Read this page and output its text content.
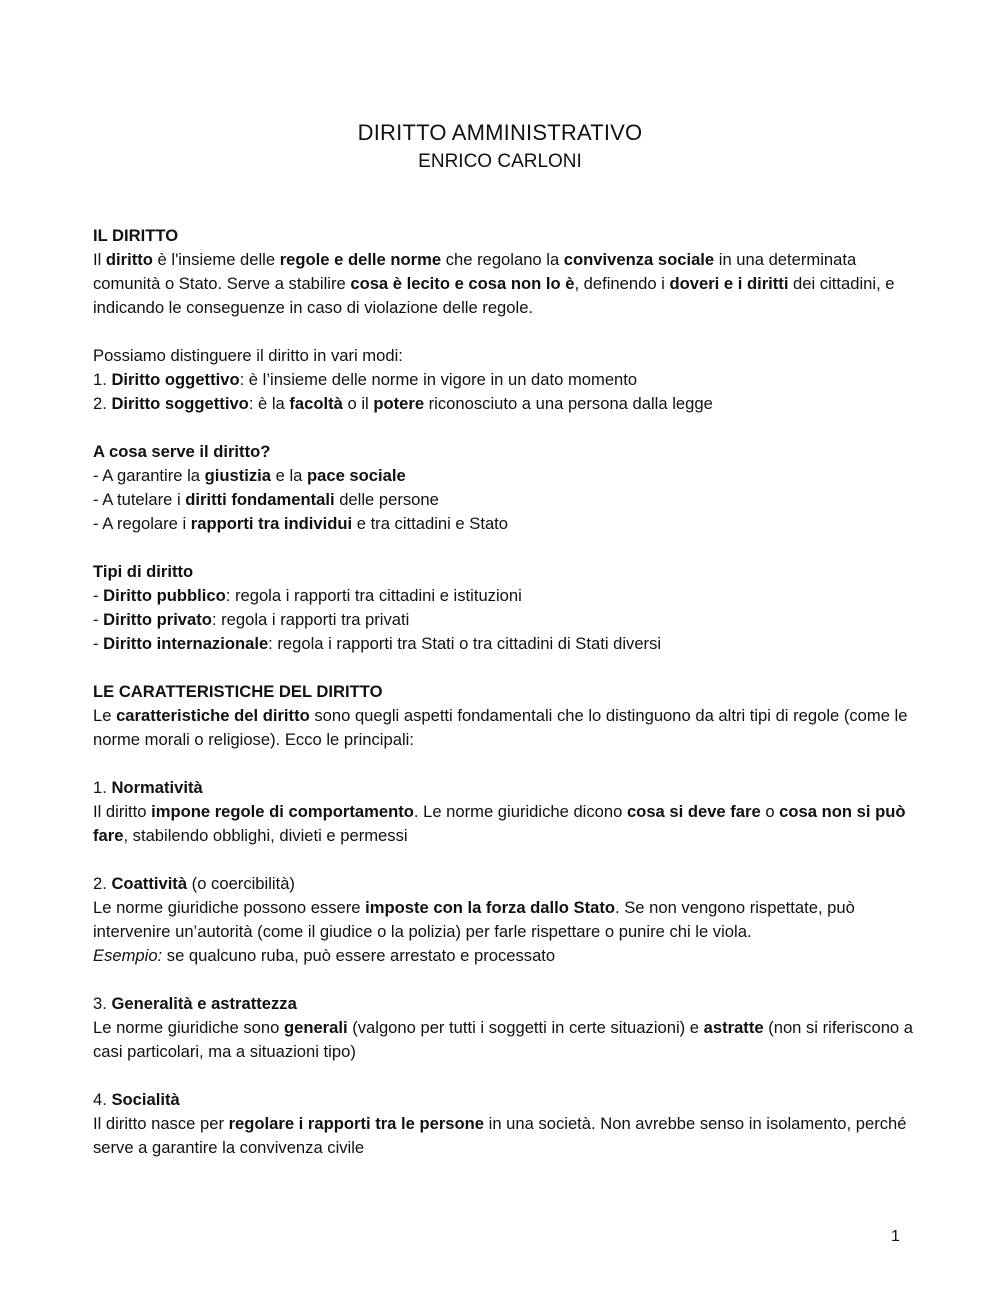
DIRITTO AMMINISTRATIVO
ENRICO CARLONI

IL DIRITTO

Il diritto è l'insieme delle regole e delle norme che regolano la convivenza sociale in una determinata comunità o Stato. Serve a stabilire cosa è lecito e cosa non lo è, definendo i doveri e i diritti dei cittadini, e indicando le conseguenze in caso di violazione delle regole.

Possiamo distinguere il diritto in vari modi:

1. Diritto oggettivo: è l’insieme delle norme in vigore in un dato momento

2. Diritto soggettivo: è la facoltà o il potere riconosciuto a una persona dalla legge

A cosa serve il diritto?

- A garantire la giustizia e la pace sociale

- A tutelare i diritti fondamentali delle persone

- A regolare i rapporti tra individui e tra cittadini e Stato

Tipi di diritto

- Diritto pubblico: regola i rapporti tra cittadini e istituzioni

- Diritto privato: regola i rapporti tra privati

- Diritto internazionale: regola i rapporti tra Stati o tra cittadini di Stati diversi

LE CARATTERISTICHE DEL DIRITTO

Le caratteristiche del diritto sono quegli aspetti fondamentali che lo distinguono da altri tipi di regole (come le norme morali o religiose). Ecco le principali:

1. Normatività

Il diritto impone regole di comportamento. Le norme giuridiche dicono cosa si deve fare o cosa non si può fare, stabilendo obblighi, divieti e permessi

2. Coattività (o coercibilità)

Le norme giuridiche possono essere imposte con la forza dallo Stato. Se non vengono rispettate, può intervenire un’autorità (come il giudice o la polizia) per farle rispettare o punire chi le viola.

Esempio: se qualcuno ruba, può essere arrestato e processato

3. Generalità e astrattezza

Le norme giuridiche sono generali (valgono per tutti i soggetti in certe situazioni) e astratte (non si riferiscono a casi particolari, ma a situazioni tipo)

4. Socialità

Il diritto nasce per regolare i rapporti tra le persone in una società. Non avrebbe senso in isolamento, perché serve a garantire la convivenza civile

1
